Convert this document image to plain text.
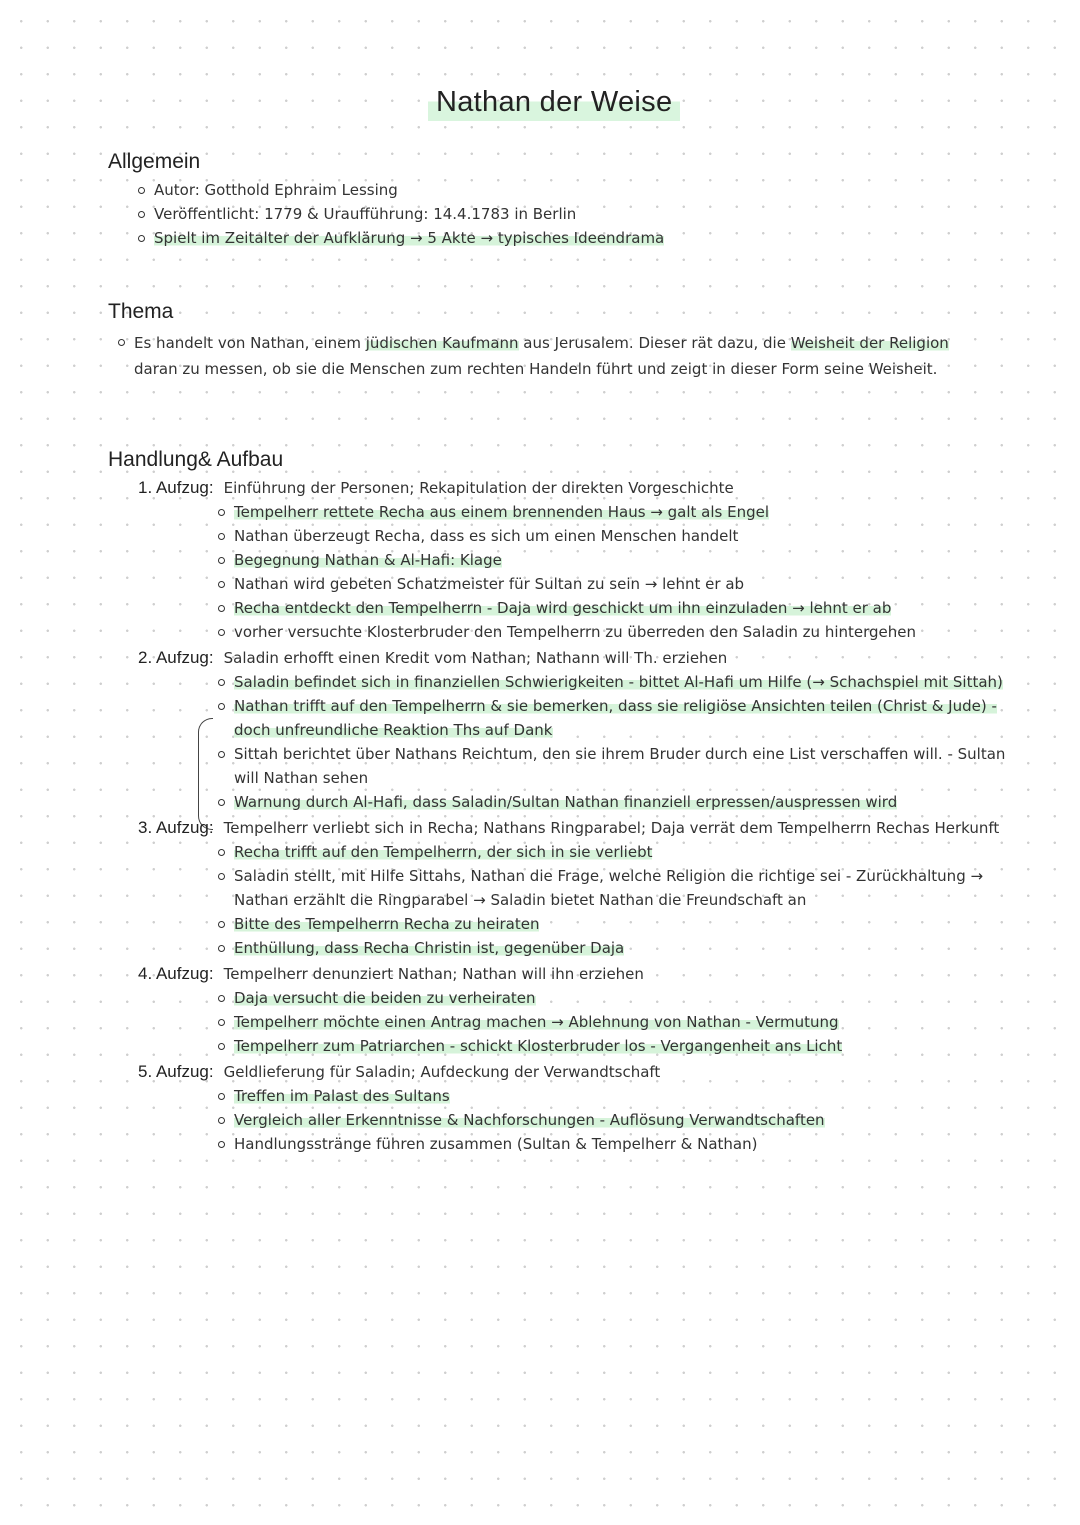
Nathan der Weise
Allgemein
Autor: Gotthold Ephraim Lessing
Veröffentlicht: 1779 & Uraufführung: 14.4.1783 in Berlin
Spielt im Zeitalter der Aufklärung → 5 Akte → typisches Ideendrama
Thema
Es handelt von Nathan, einem jüdischen Kaufmann aus Jerusalem. Dieser rät dazu, die Weisheit der Religion daran zu messen, ob sie die Menschen zum rechten Handeln führt und zeigt in dieser Form seine Weisheit.
Handlung& Aufbau
1. Aufzug: Einführung der Personen; Rekapitulation der direkten Vorgeschichte
Tempelherr rettete Recha aus einem brennenden Haus → galt als Engel
Nathan überzeugt Recha, dass es sich um einen Menschen handelt
Begegnung Nathan & Al-Hafi: Klage
Nathan wird gebeten Schatzmeister für Sultan zu sein → lehnt er ab
Recha entdeckt den Tempelherrn - Daja wird geschickt um ihn einzuladen → lehnt er ab
vorher versuchte Klosterbruder den Tempelherrn zu überreden den Saladin zu hintergehen
2. Aufzug: Saladin erhofft einen Kredit vom Nathan; Nathann will Th. erziehen
Saladin befindet sich in finanziellen Schwierigkeiten - bittet Al-Hafi um Hilfe (→ Schachspiel mit Sittah)
Nathan trifft auf den Tempelherrn & sie bemerken, dass sie religiöse Ansichten teilen (Christ & Jude) - doch unfreundliche Reaktion Ths auf Dank
Sittah berichtet über Nathans Reichtum, den sie ihrem Bruder durch eine List verschaffen will. - Sultan will Nathan sehen
Warnung durch Al-Hafi, dass Saladin/Sultan Nathan finanziell erpressen/auspressen wird
3. Aufzug: Tempelherr verliebt sich in Recha; Nathans Ringparabel; Daja verrät dem Tempelherrn Rechas Herkunft
Recha trifft auf den Tempelherrn, der sich in sie verliebt
Saladin stellt, mit Hilfe Sittahs, Nathan die Frage, welche Religion die richtige sei - Zurückhaltung → Nathan erzählt die Ringparabel → Saladin bietet Nathan die Freundschaft an
Bitte des Tempelherrn Recha zu heiraten
Enthüllung, dass Recha Christin ist, gegenüber Daja
4. Aufzug: Tempelherr denunziert Nathan; Nathan will ihn erziehen
Daja versucht die beiden zu verheiraten
Tempelherr möchte einen Antrag machen → Ablehnung von Nathan - Vermutung
Tempelherr zum Patriarchen - schickt Klosterbruder los - Vergangenheit ans Licht
5. Aufzug: Geldlieferung für Saladin; Aufdeckung der Verwandtschaft
Treffen im Palast des Sultans
Vergleich aller Erkenntnisse & Nachforschungen - Auflösung Verwandtschaften
Handlungsstränge führen zusammen (Sultan & Tempelherr & Nathan)
